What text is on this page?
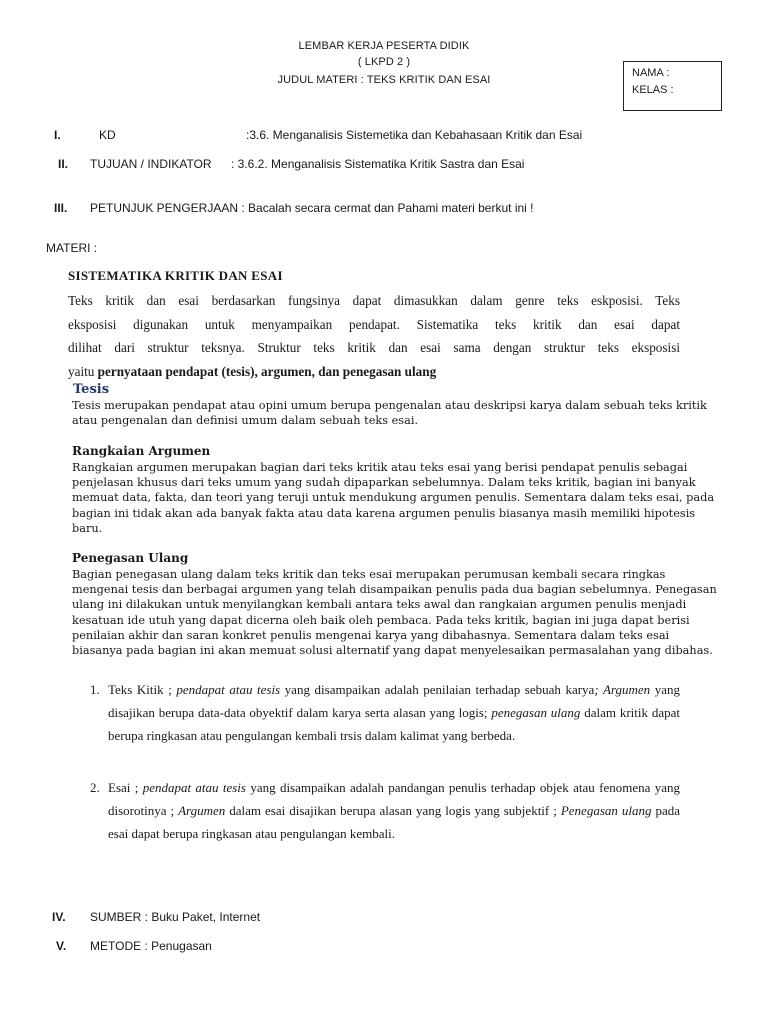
LEMBAR KERJA PESERTA DIDIK
( LKPD 2 )
JUDUL MATERI : TEKS KRITIK DAN ESAI
NAMA :
KELAS :
I.	KD	:3.6. Menganalisis Sistemetika dan Kebahasaan Kritik dan Esai
II. TUJUAN / INDIKATOR : 3.6.2. Menganalisis Sistematika Kritik Sastra dan Esai
III. PETUNJUK PENGERJAAN : Bacalah secara cermat dan Pahami materi berkut ini !
MATERI :
SISTEMATIKA KRITIK DAN ESAI
Teks kritik dan esai berdasarkan fungsinya dapat dimasukkan dalam genre teks eskposisi. Teks
eksposisi digunakan untuk menyampaikan pendapat. Sistematika teks kritik dan esai dapat
dilihat dari struktur teksnya. Struktur teks kritik dan esai sama dengan struktur teks eksposisi
yaitu pernyataan pendapat (tesis), argumen, dan penegasan ulang
Tesis
Tesis merupakan pendapat atau opini umum berupa pengenalan atau deskripsi karya dalam sebuah teks kritik atau pengenalan dan definisi umum dalam sebuah teks esai.
Rangkaian Argumen
Rangkaian argumen merupakan bagian dari teks kritik atau teks esai yang berisi pendapat penulis sebagai penjelasan khusus dari teks umum yang sudah dipaparkan sebelumnya. Dalam teks kritik, bagian ini banyak memuat data, fakta, dan teori yang teruji untuk mendukung argumen penulis. Sementara dalam teks esai, pada bagian ini tidak akan ada banyak fakta atau data karena argumen penulis biasanya masih memiliki hipotesis baru.
Penegasan Ulang
Bagian penegasan ulang dalam teks kritik dan teks esai merupakan perumusan kembali secara ringkas mengenai tesis dan berbagai argumen yang telah disampaikan penulis pada dua bagian sebelumnya. Penegasan ulang ini dilakukan untuk menyilangkan kembali antara teks awal dan rangkaian argumen penulis menjadi kesatuan ide utuh yang dapat dicerna oleh baik oleh pembaca. Pada teks kritik, bagian ini juga dapat berisi penilaian akhir dan saran konkret penulis mengenai karya yang dibahasnya. Sementara dalam teks esai biasanya pada bagian ini akan memuat solusi alternatif yang dapat menyelesaikan permasalahan yang dibahas.
1. Teks Kitik ; pendapat atau tesis yang disampaikan adalah penilaian terhadap sebuah karya; Argumen yang disajikan berupa data-data obyektif dalam karya serta alasan yang logis; penegasan ulang dalam kritik dapat berupa ringkasan atau pengulangan kembali trsis dalam kalimat yang berbeda.
2. Esai ; pendapat atau tesis yang disampaikan adalah pandangan penulis terhadap objek atau fenomena yang disorotinya ; Argumen dalam esai disajikan berupa alasan yang logis yang subjektif ; Penegasan ulang pada esai dapat berupa ringkasan atau pengulangan kembali.
IV. SUMBER : Buku Paket, Internet
V. METODE : Penugasan
